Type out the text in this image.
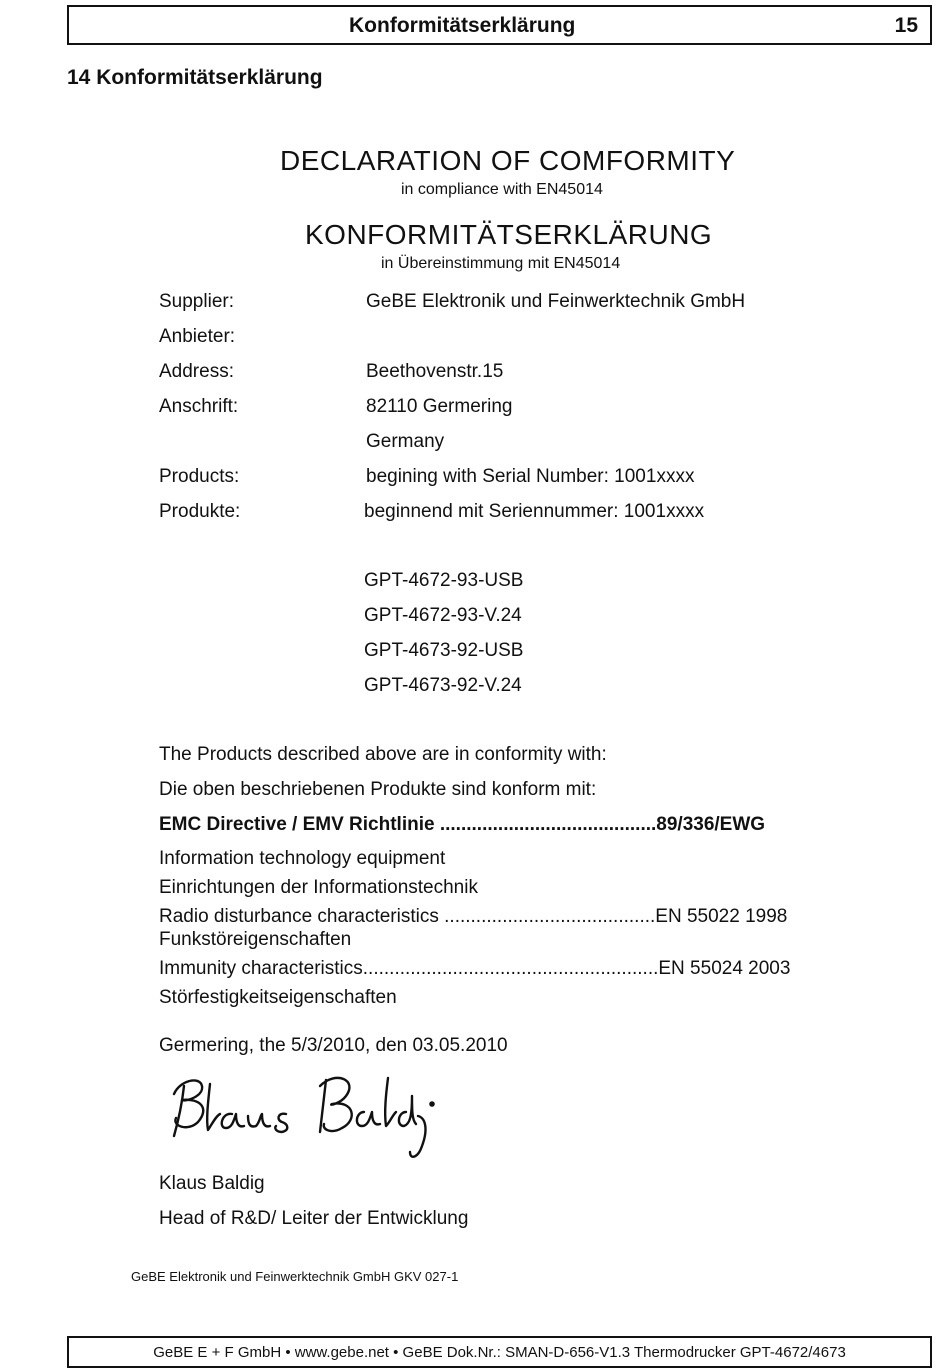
Konformitätserklärung	15
14 Konformitätserklärung
DECLARATION OF COMFORMITY
in compliance with EN45014
KONFORMITÄTSERKLÄRUNG
in Übereinstimmung mit EN45014
Supplier:	GeBE Elektronik und Feinwerktechnik GmbH
Anbieter:
Address:	Beethovenstr.15
Anschrift:	82110 Germering
Germany
Products:	begining with Serial Number: 1001xxxx
Produkte:	beginnend mit Seriennummer: 1001xxxx
GPT-4672-93-USB
GPT-4672-93-V.24
GPT-4673-92-USB
GPT-4673-92-V.24
The Products described above are in conformity with:
Die oben beschriebenen Produkte sind konform mit:
EMC Directive / EMV Richtlinie .........................................89/336/EWG
Information technology equipment
Einrichtungen der Informationstechnik
Radio disturbance characteristics ........................................EN 55022 1998
Funkstöreigenschaften
Immunity characteristics........................................................EN 55024 2003
Störfestigkeitseigenschaften
Germering, the 5/3/2010, den 03.05.2010
Klaus Baldig
Head of R&D/ Leiter der Entwicklung
GeBE Elektronik und Feinwerktechnik GmbH GKV 027-1
GeBE E + F GmbH • www.gebe.net • GeBE Dok.Nr.: SMAN-D-656-V1.3 Thermodrucker GPT-4672/4673
